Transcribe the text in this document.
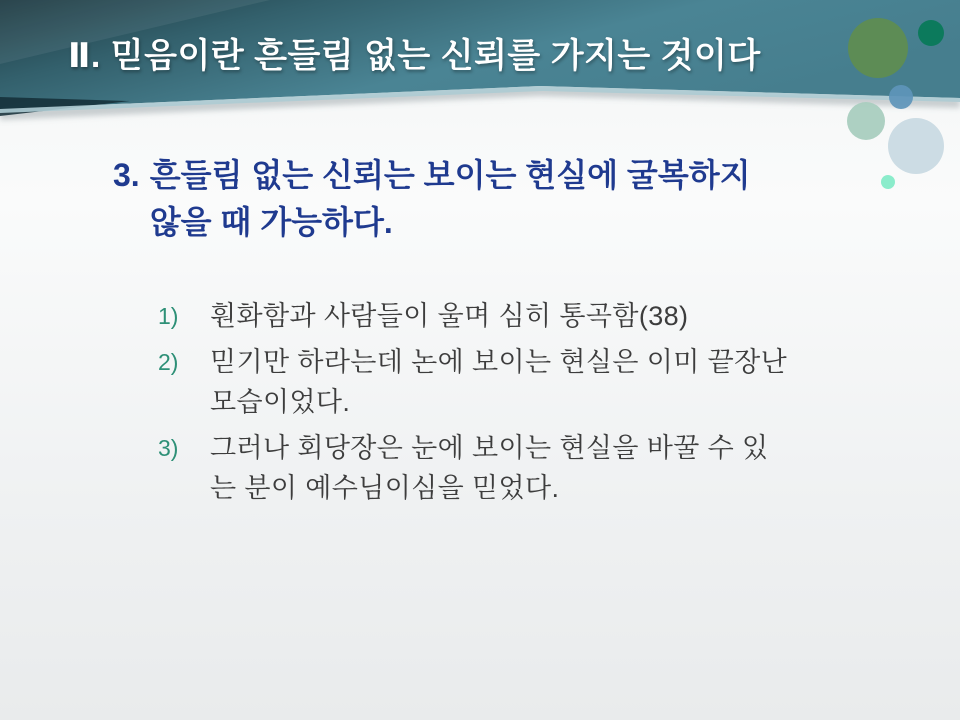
Ⅱ. 믿음이란 흔들림 없는 신뢰를 가지는 것이다
3. 흔들림 없는 신뢰는 보이는 현실에 굴복하지
않을 때 가능하다.
1)	훤화함과 사람들이 울며 심히 통곡함(38)
2)	믿기만 하라는데 논에 보이는 현실은 이미 끝장난
모습이었다.
3)	그러나 회당장은 눈에 보이는 현실을 바꿀 수 있
는 분이 예수님이심을 믿었다.
